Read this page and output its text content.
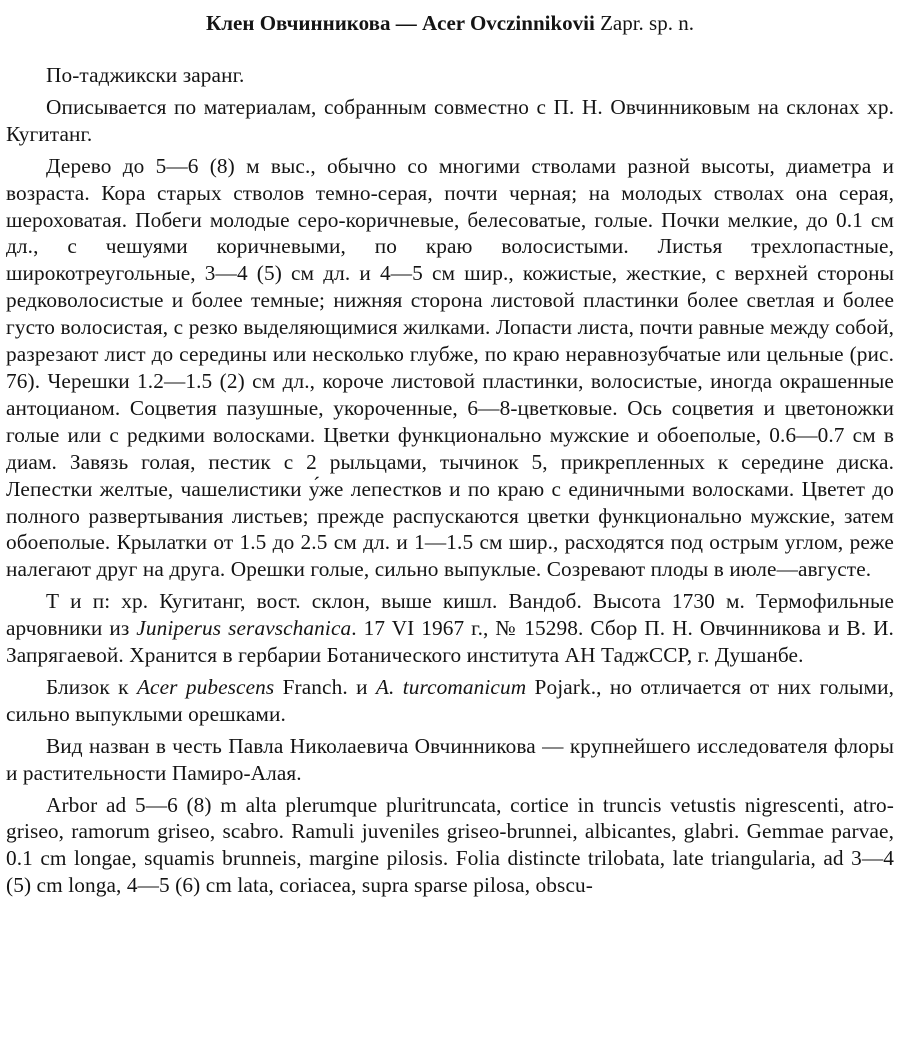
Клен Овчинникова — Acer Ovczinnikovii Zapr. sp. n.

По-таджикски заранг.

Описывается по материалам, собранным совместно с П. Н. Овчинниковым на склонах хр. Кугитанг.

Дерево до 5—6 (8) м выс., обычно со многими стволами разной высоты, диаметра и возраста. Кора старых стволов темно-серая, почти черная; на молодых стволах она серая, шероховатая. Побеги молодые серо-коричневые, белесоватые, голые. Почки мелкие, до 0.1 см дл., с чешуями коричневыми, по краю волосистыми. Листья трехлопастные, широкотреугольные, 3—4 (5) см дл. и 4—5 см шир., кожистые, жесткие, с верхней стороны редковолосистые и более темные; нижняя сторона листовой пластинки более светлая и более густо волосистая, с резко выделяющимися жилками. Лопасти листа, почти равные между собой, разрезают лист до середины или несколько глубже, по краю неравнозубчатые или цельные (рис. 76). Черешки 1.2—1.5 (2) см дл., короче листовой пластинки, волосистые, иногда окрашенные антоцианом. Соцветия пазушные, укороченные, 6—8-цветковые. Ось соцветия и цветоножки голые или с редкими волосками. Цветки функционально мужские и обоеполые, 0.6—0.7 см в диам. Завязь голая, пестик с 2 рыльцами, тычинок 5, прикрепленных к середине диска. Лепестки желтые, чашелистики у́же лепестков и по краю с единичными волосками. Цветет до полного развертывания листьев; прежде распускаются цветки функционально мужские, затем обоеполые. Крылатки от 1.5 до 2.5 см дл. и 1—1.5 см шир., расходятся под острым углом, реже налегают друг на друга. Орешки голые, сильно выпуклые. Созревают плоды в июле—августе.

Т и п: хр. Кугитанг, вост. склон, выше кишл. Вандоб. Высота 1730 м. Термофильные арчовники из Juniperus seravschanica. 17 VI 1967 г., № 15298. Сбор П. Н. Овчинникова и В. И. Запрягаевой. Хранится в гербарии Ботанического института АН ТаджССР, г. Душанбе.

Близок к Acer pubescens Franch. и A. turcomanicum Pojark., но отличается от них голыми, сильно выпуклыми орешками.

Вид назван в честь Павла Николаевича Овчинникова — крупнейшего исследователя флоры и растительности Памиро-Алая.

Arbor ad 5—6 (8) m alta plerumque pluritruncata, cortice in truncis vetustis nigrescenti, atro-griseo, ramorum griseo, scabro. Ramuli juveniles griseo-brunnei, albicantes, glabri. Gemmae parvae, 0.1 cm longae, squamis brunneis, margine pilosis. Folia distincte trilobata, late triangularia, ad 3—4 (5) cm longa, 4—5 (6) cm lata, coriacea, supra sparse pilosa, obscu-
